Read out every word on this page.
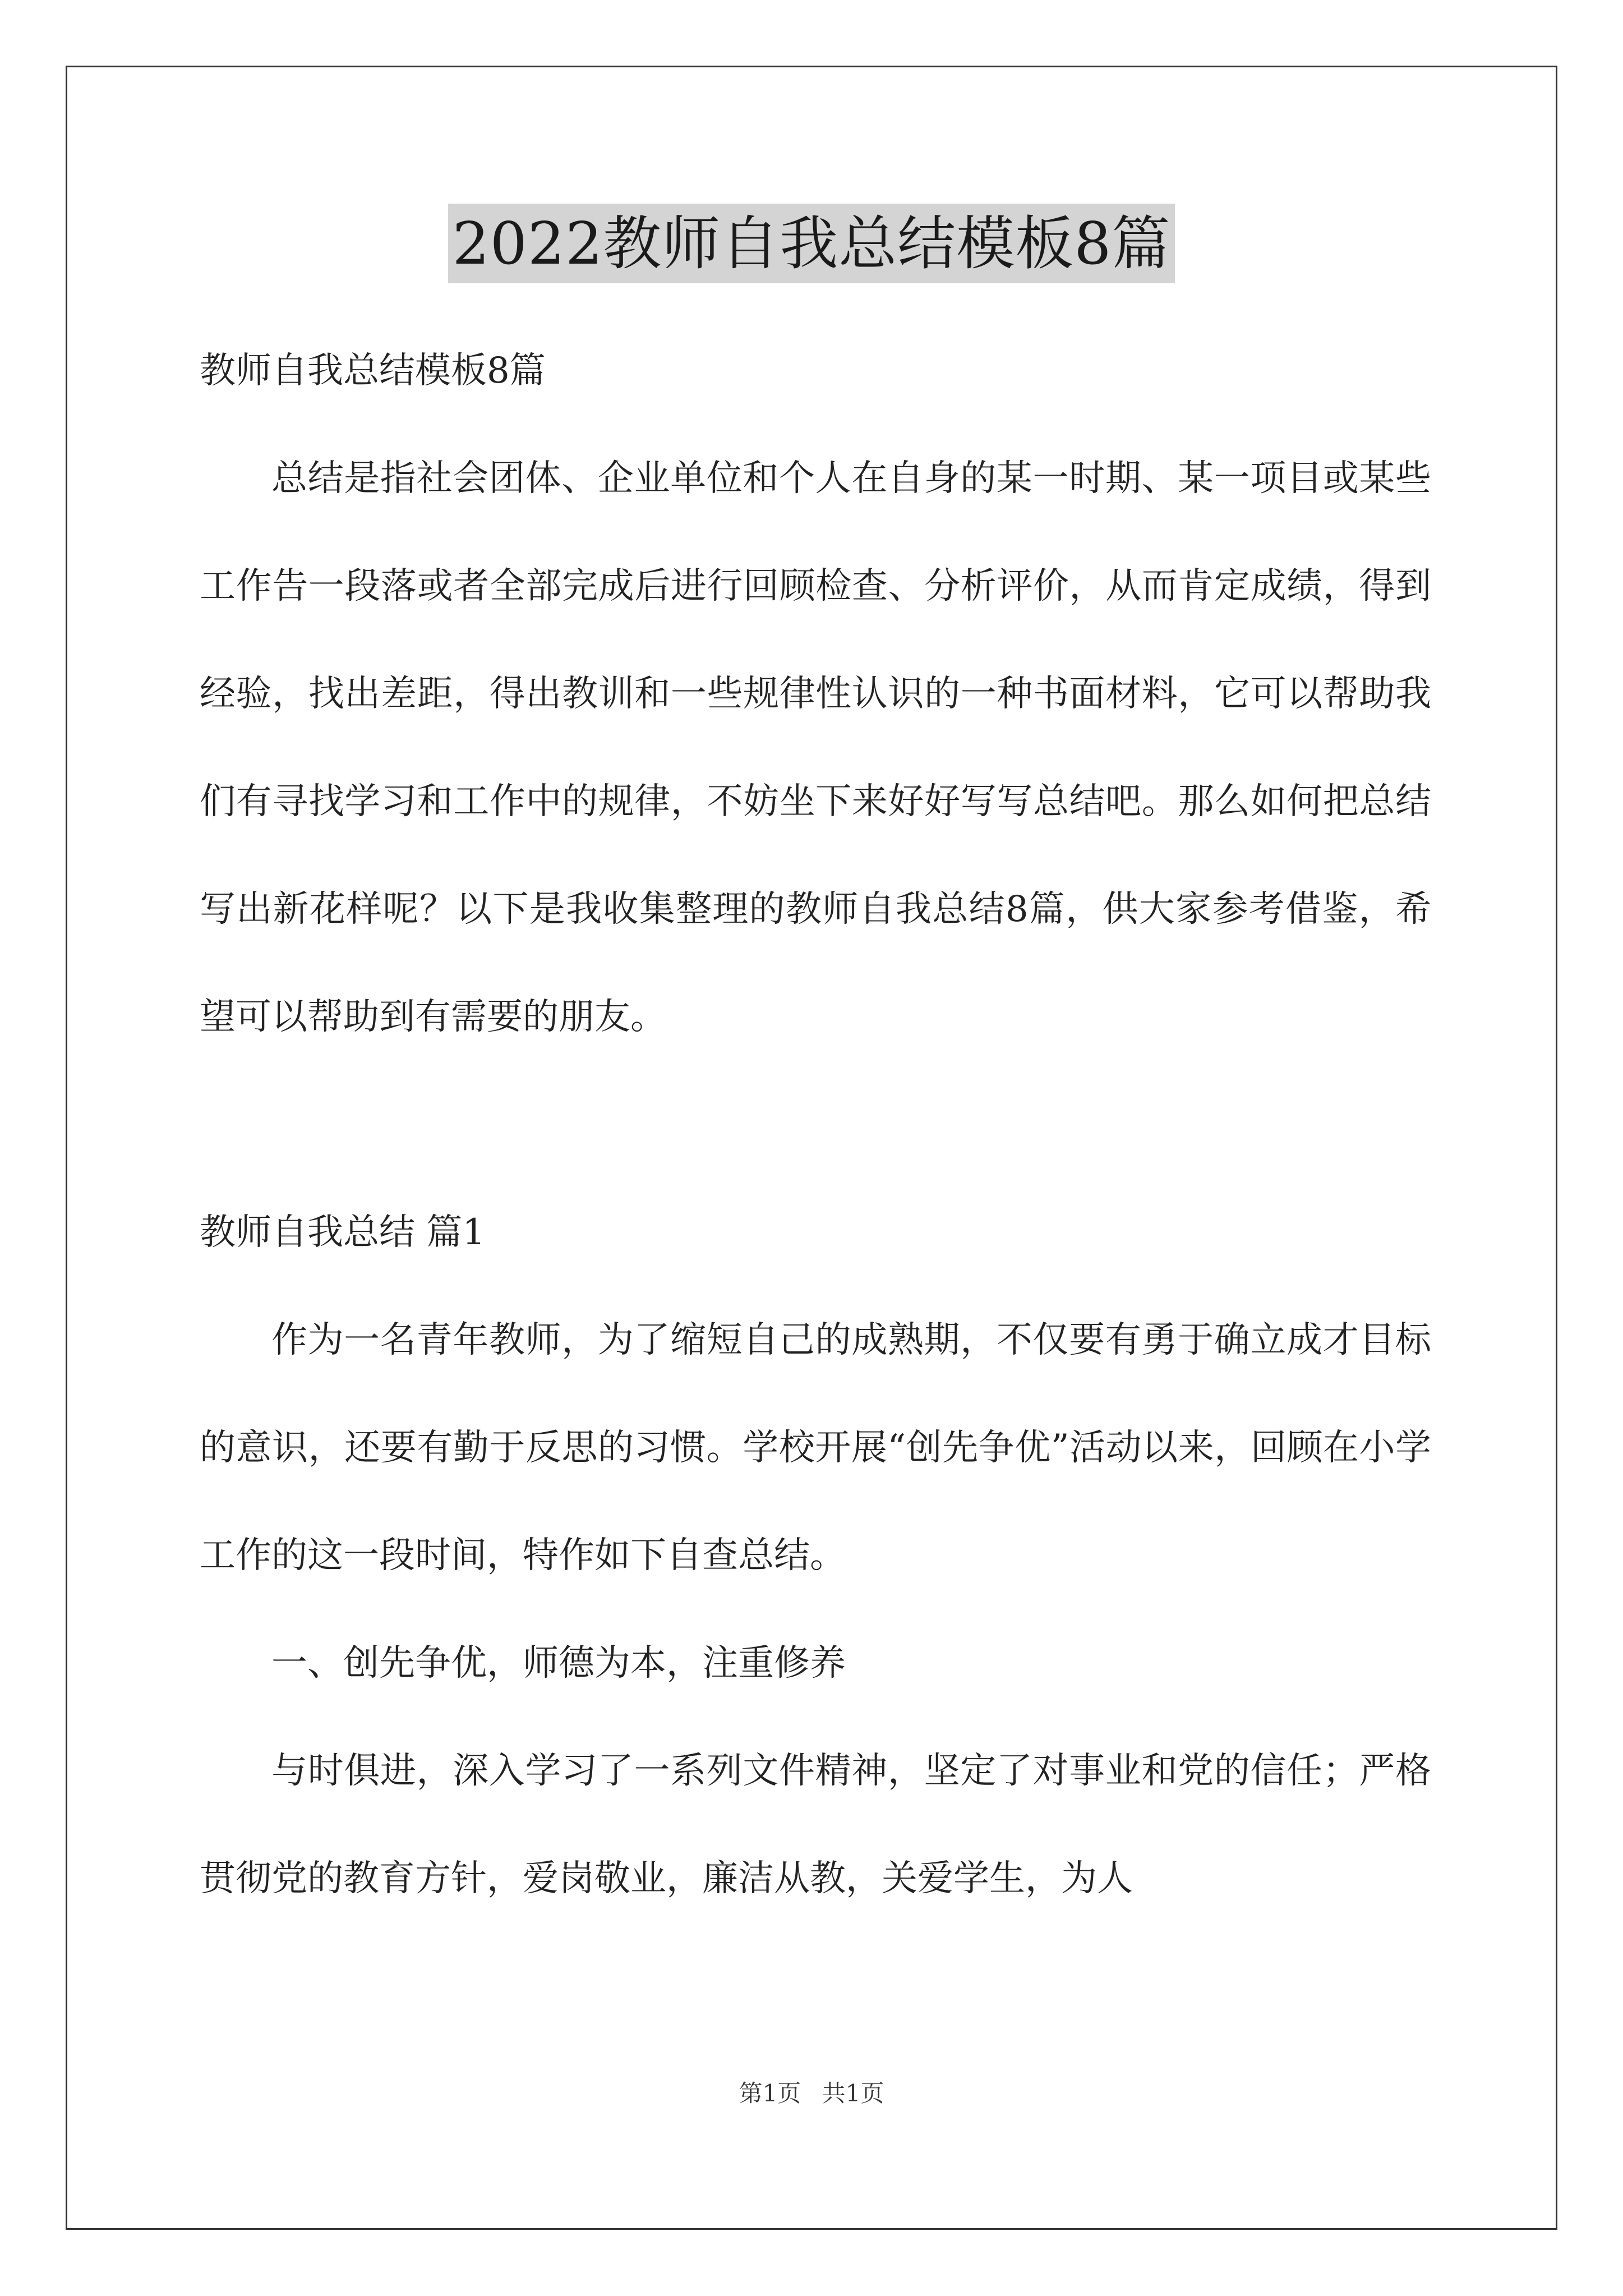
2022教师自我总结模板8篇

教师自我总结模板8篇

总结是指社会团体、企业单位和个人在自身的某一时期、某一项目或某些工作告一段落或者全部完成后进行回顾检查、分析评价，从而肯定成绩，得到经验，找出差距，得出教训和一些规律性认识的一种书面材料，它可以帮助我们有寻找学习和工作中的规律，不妨坐下来好好写写总结吧。那么如何把总结写出新花样呢？以下是我收集整理的教师自我总结8篇，供大家参考借鉴，希望可以帮助到有需要的朋友。

教师自我总结 篇1

作为一名青年教师，为了缩短自己的成熟期，不仅要有勇于确立成才目标的意识，还要有勤于反思的习惯。学校开展“创先争优”活动以来，回顾在小学工作的这一段时间，特作如下自查总结。

一、创先争优，师德为本，注重修养

与时俱进，深入学习了一系列文件精神，坚定了对事业和党的信任；严格贯彻党的教育方针，爱岗敬业，廉洁从教，关爱学生，为人

第1页 共1页
